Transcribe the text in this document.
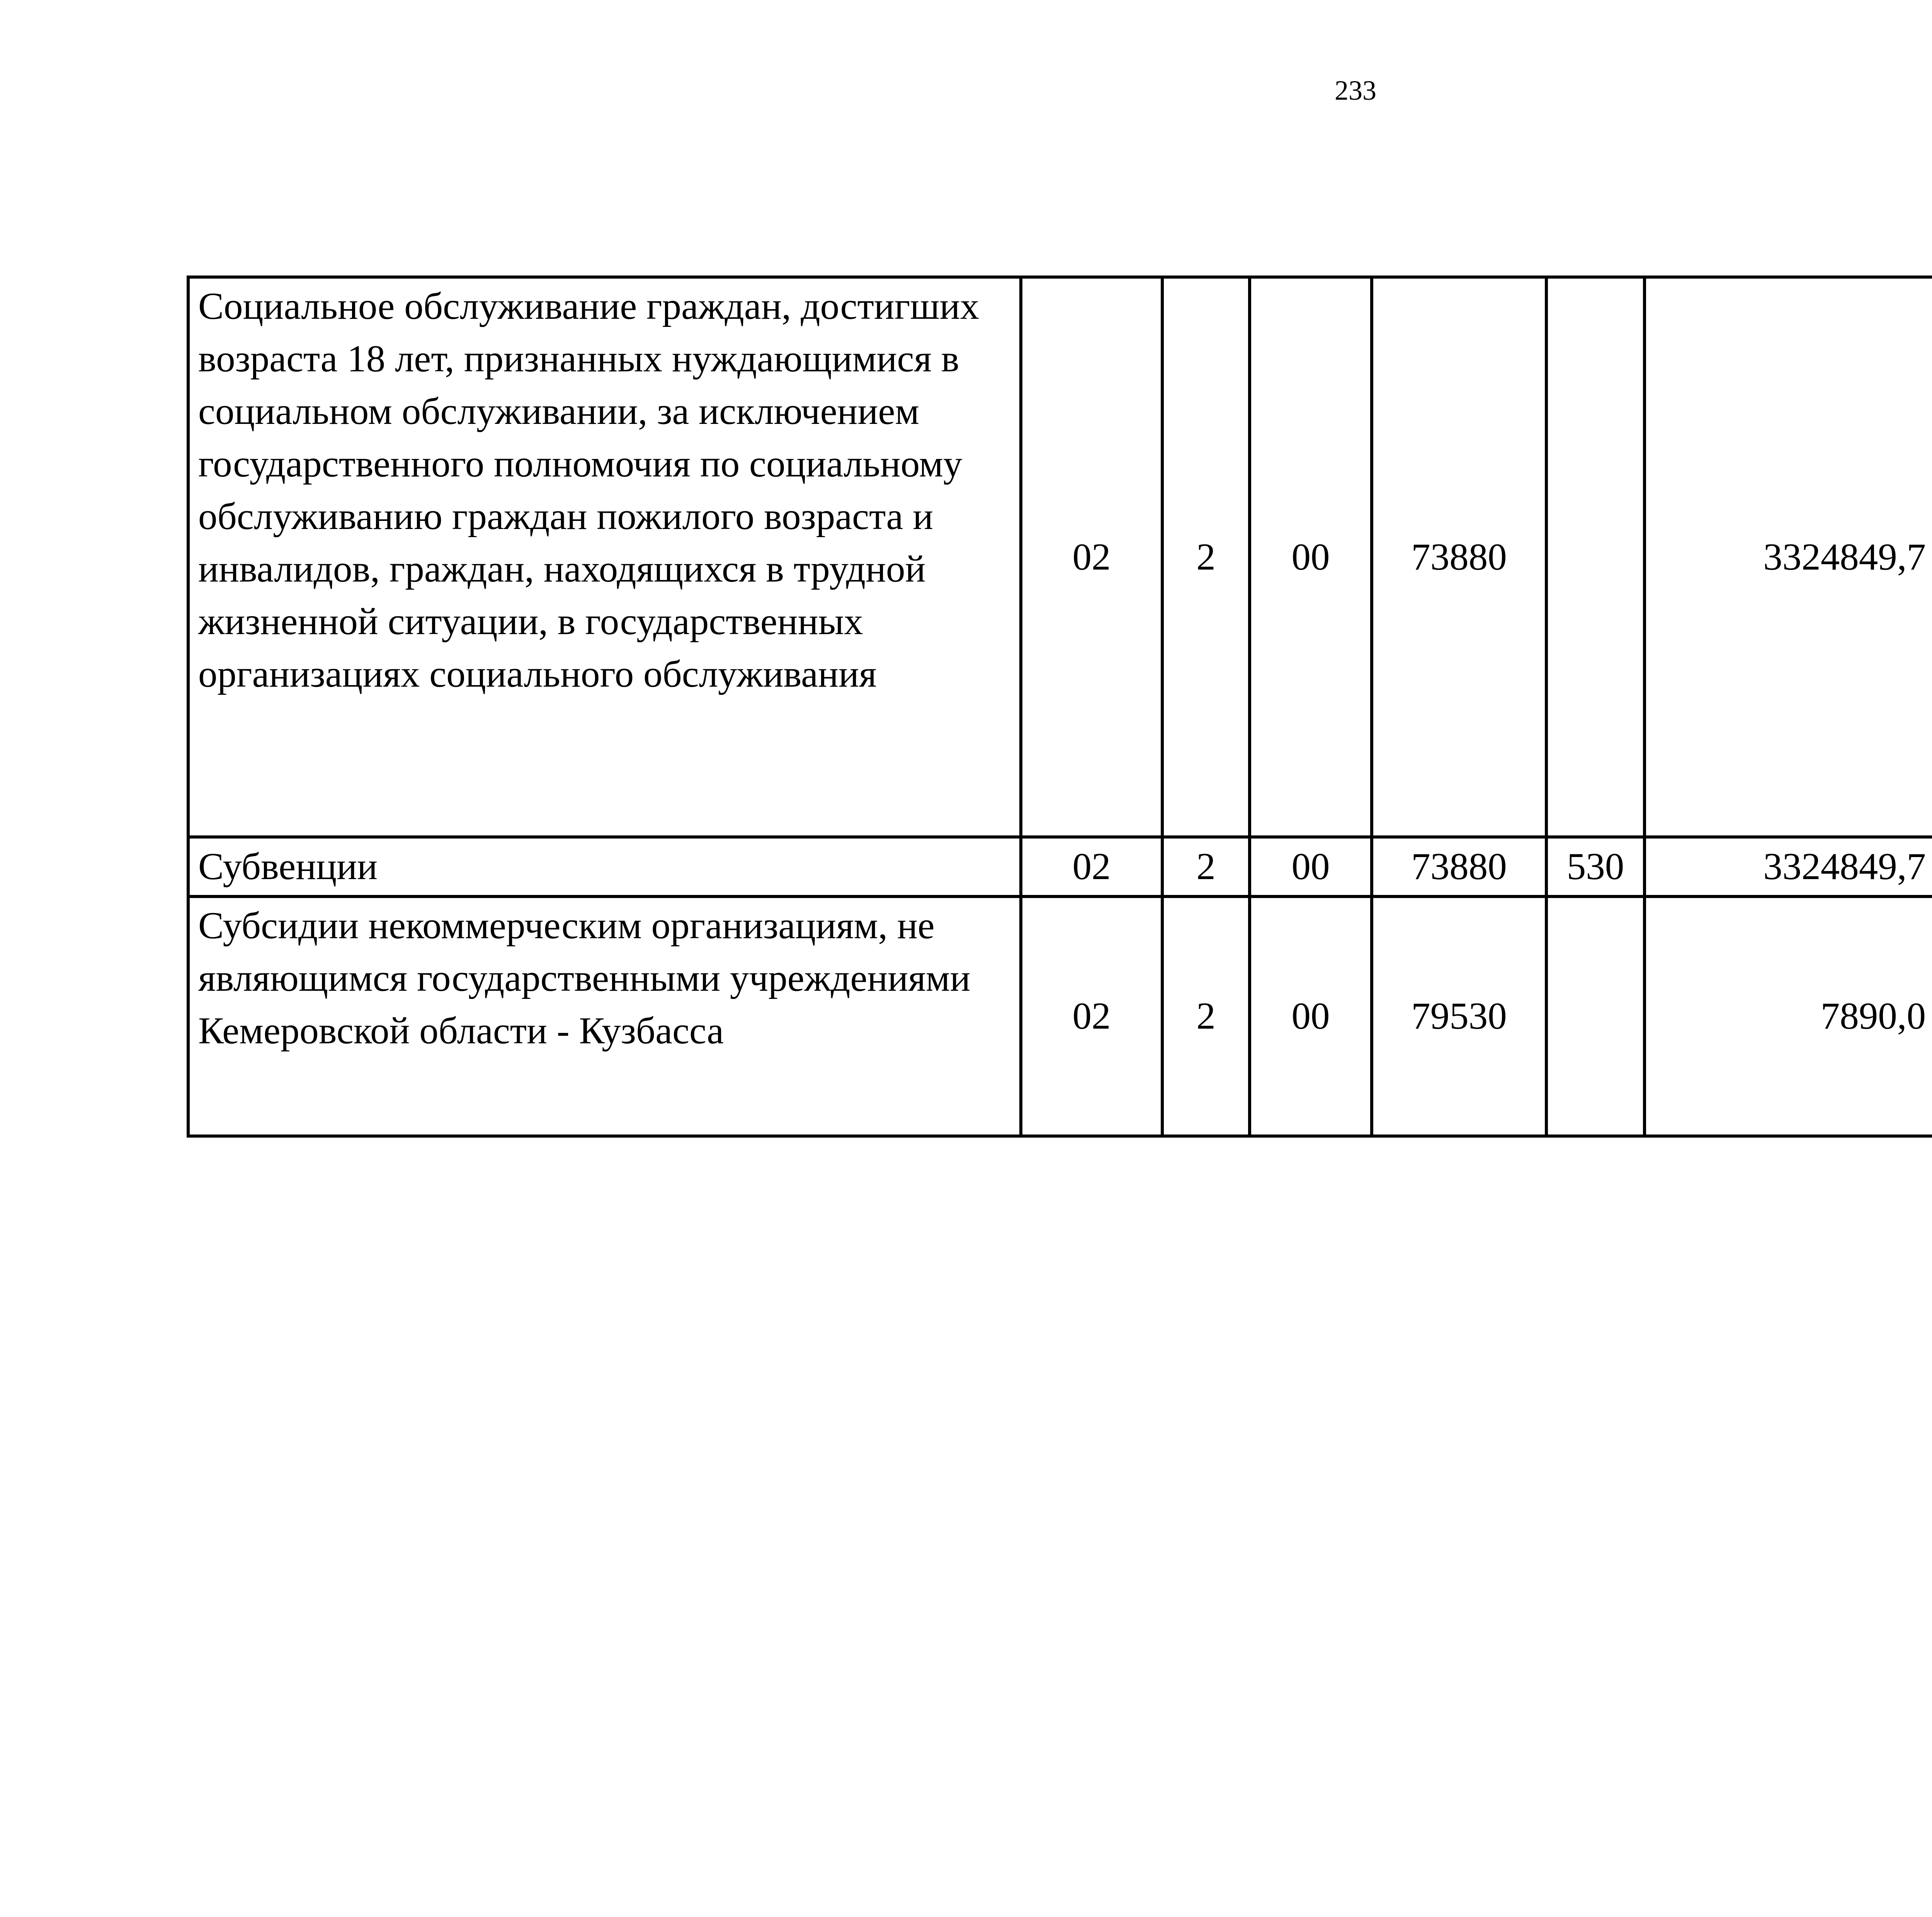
233
Социальное обслуживание граждан, достигших возраста 18 лет, признанных нуждающимися в социальном обслуживании, за исключением государственного полномочия по социальному обслуживанию граждан пожилого возраста и инвалидов, граждан, находящихся в трудной жизненной ситуации, в государственных организациях социального обслуживания	02	2	00	73880		3324849,7		
Субвенции	02	2	00	73880	530	3324849,7		
Субсидии некоммерческим организациям, не являющимся государственными учреждениями Кемеровской области - Кузбасса	02	2	00	79530		7890,0		
